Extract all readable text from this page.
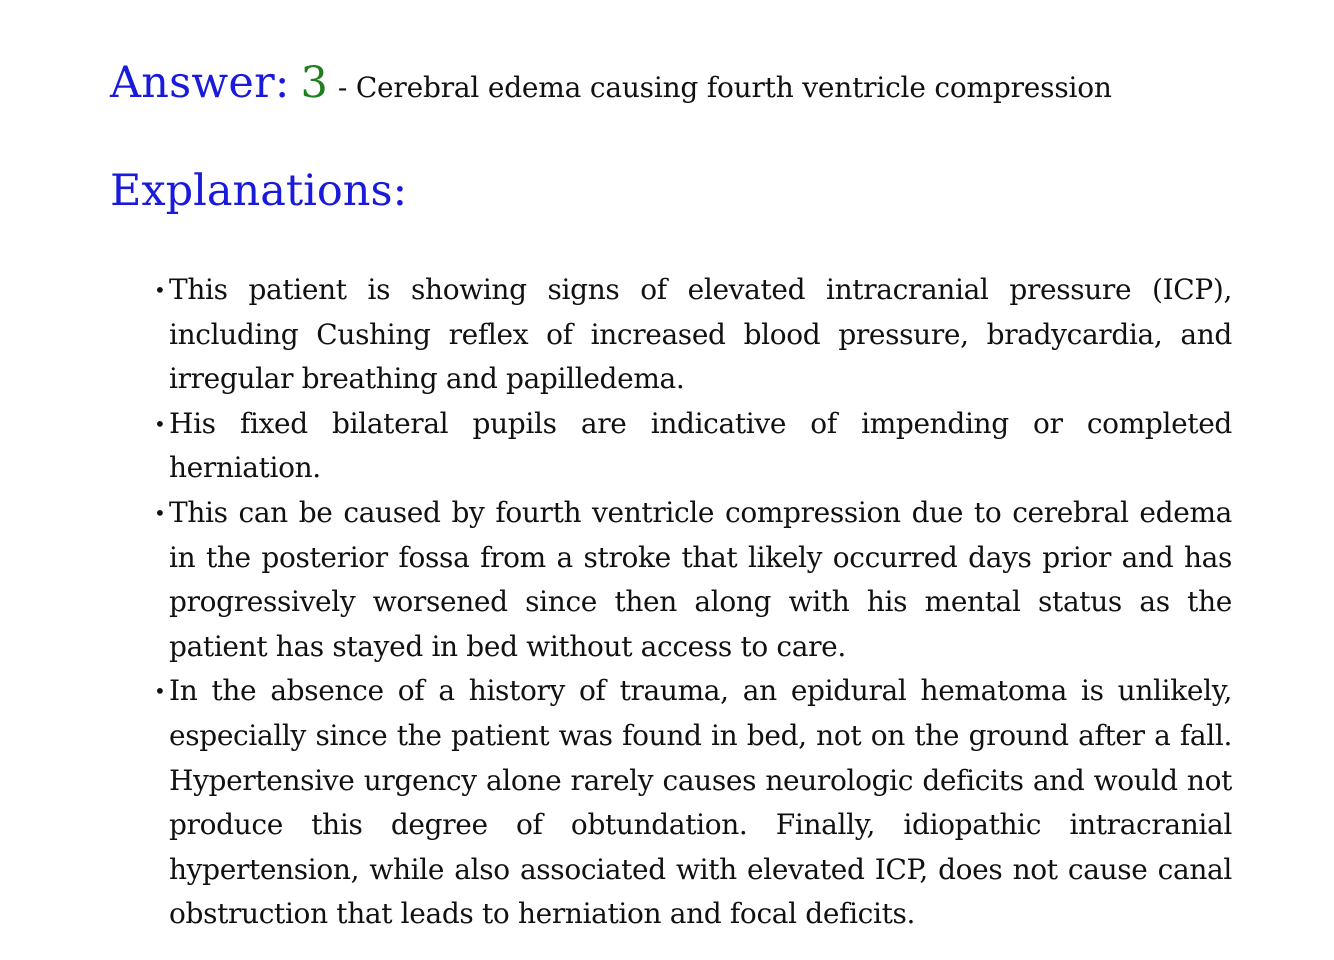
Answer: 3 - Cerebral edema causing fourth ventricle compression
Explanations:
• This patient is showing signs of elevated intracranial pressure (ICP), including Cushing reflex of increased blood pressure, bradycardia, and irregular breathing and papilledema.
• His fixed bilateral pupils are indicative of impending or completed herniation.
• This can be caused by fourth ventricle compression due to cerebral edema in the posterior fossa from a stroke that likely occurred days prior and has progressively worsened since then along with his mental status as the patient has stayed in bed without access to care.
• In the absence of a history of trauma, an epidural hematoma is unlikely, especially since the patient was found in bed, not on the ground after a fall. Hypertensive urgency alone rarely causes neurologic deficits and would not produce this degree of obtundation. Finally, idiopathic intracranial hypertension, while also associated with elevated ICP, does not cause canal obstruction that leads to herniation and focal deficits.
